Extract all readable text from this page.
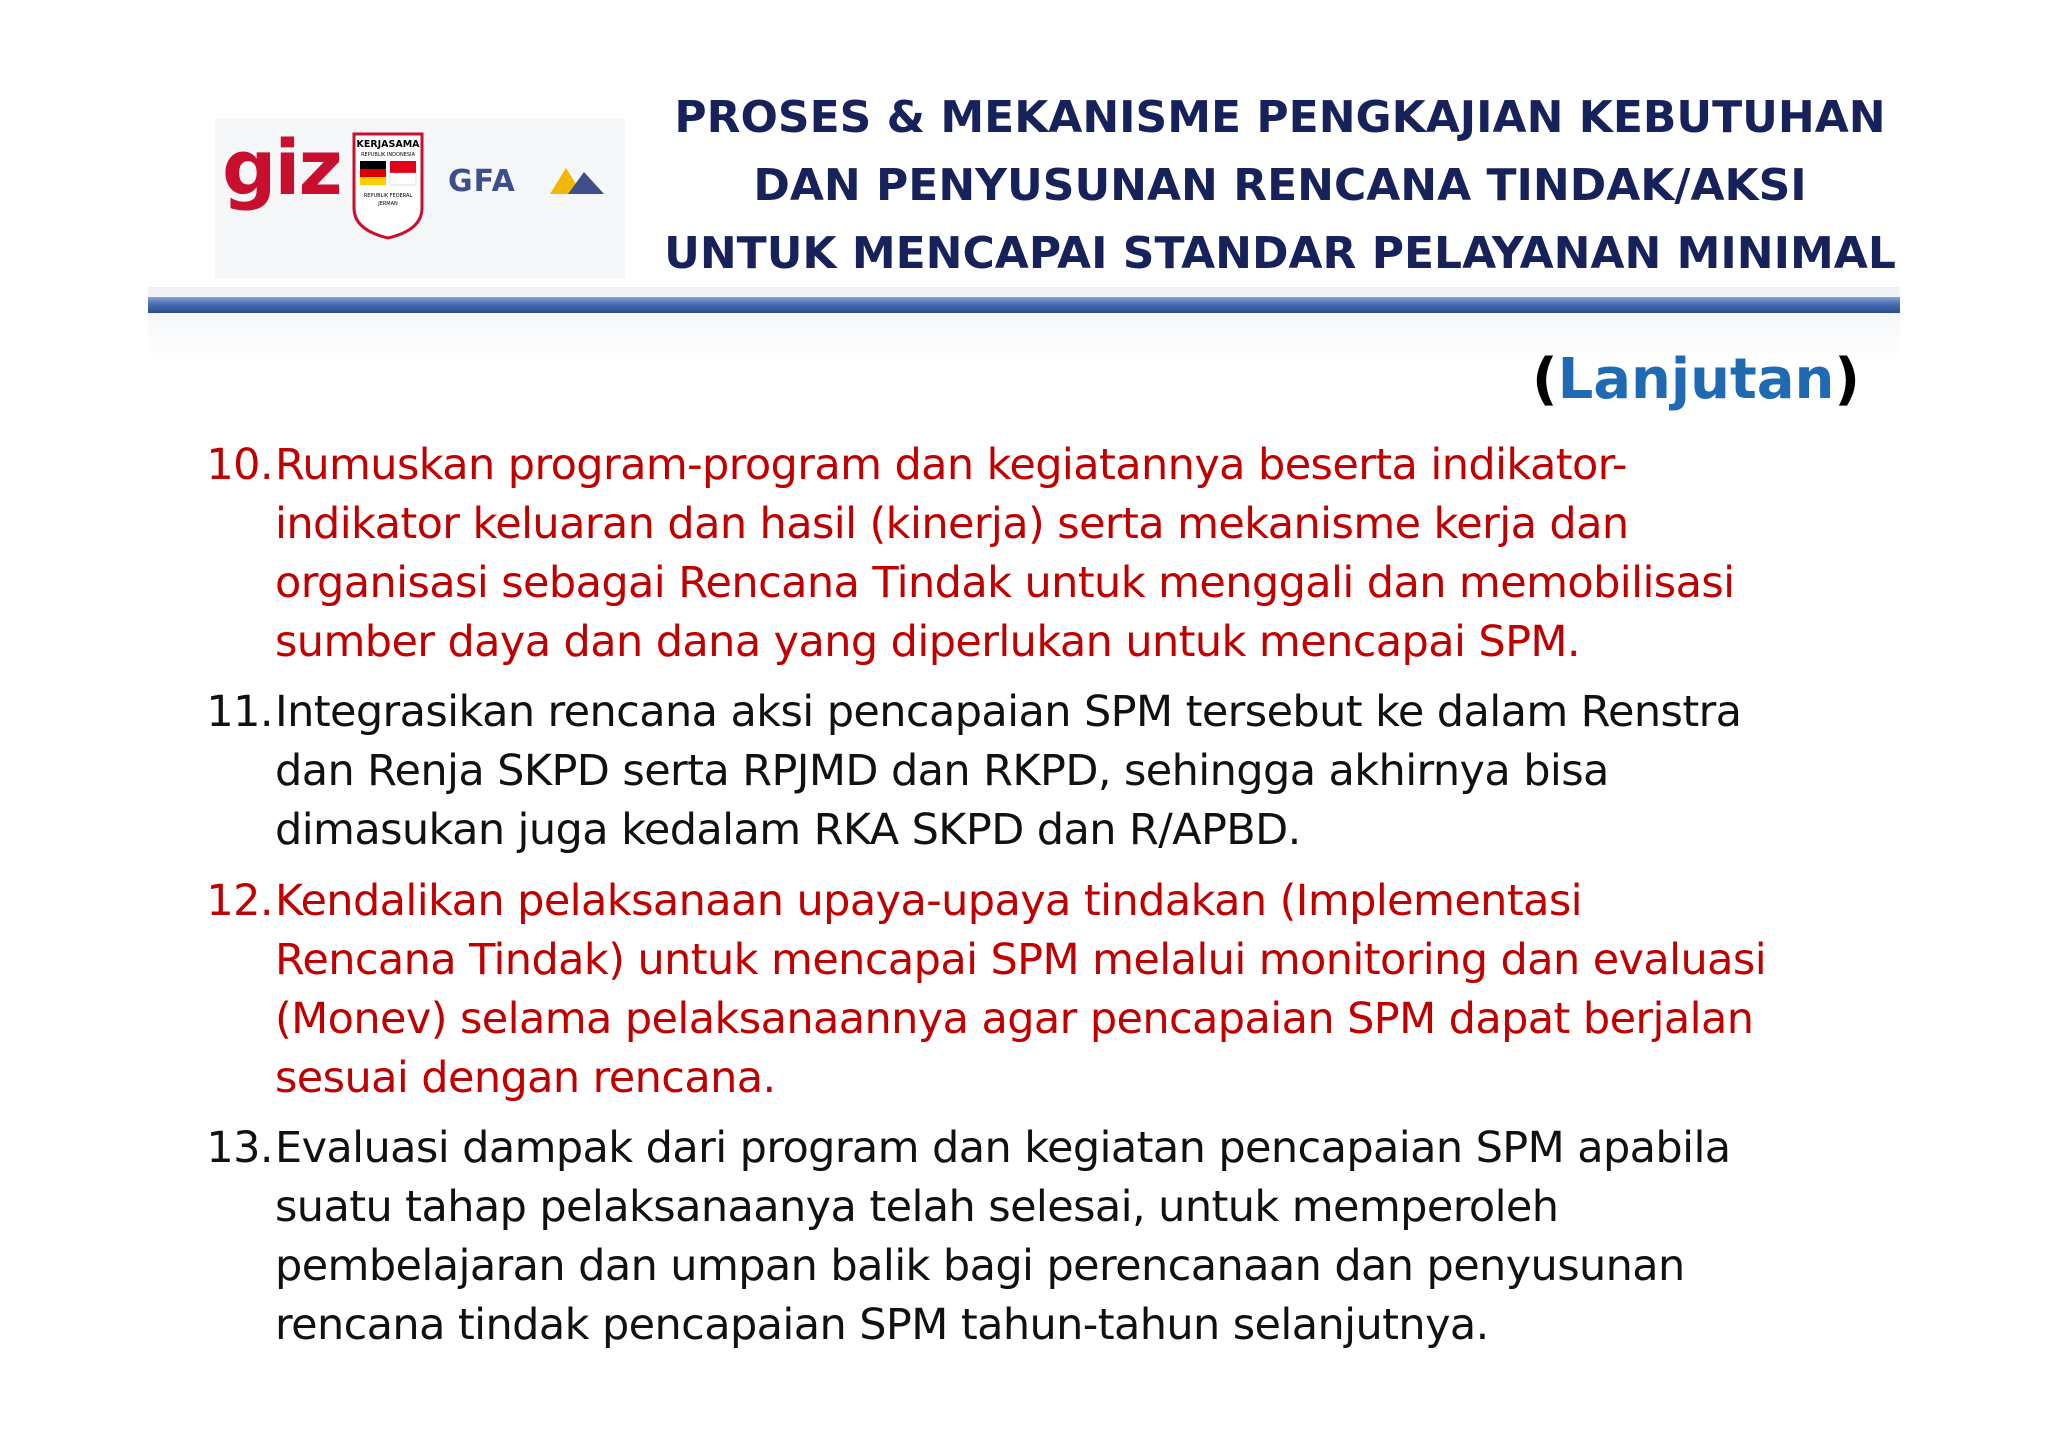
giz KERJASAMA
REPUBLIK INDONESIA
REPUBLIK FEDERAL
JERMAN
GFA
PROSES & MEKANISME PENGKAJIAN KEBUTUHAN
DAN PENYUSUNAN RENCANA TINDAK/AKSI
UNTUK MENCAPAI STANDAR PELAYANAN MINIMAL
(Lanjutan)
10. Rumuskan program-program dan kegiatannya beserta indikator-
indikator keluaran dan hasil (kinerja) serta mekanisme kerja dan
organisasi sebagai Rencana Tindak untuk menggali dan memobilisasi
sumber daya dan dana yang diperlukan untuk mencapai SPM.
11. Integrasikan rencana aksi pencapaian SPM tersebut ke dalam Renstra
dan Renja SKPD serta RPJMD dan RKPD, sehingga akhirnya bisa
dimasukan juga kedalam RKA SKPD dan R/APBD.
12. Kendalikan pelaksanaan upaya-upaya tindakan (Implementasi
Rencana Tindak) untuk mencapai SPM melalui monitoring dan evaluasi
(Monev) selama pelaksanaannya agar pencapaian SPM dapat berjalan
sesuai dengan rencana.
13. Evaluasi dampak dari program dan kegiatan pencapaian SPM apabila
suatu tahap pelaksanaanya telah selesai, untuk memperoleh
pembelajaran dan umpan balik bagi perencanaan dan penyusunan
rencana tindak pencapaian SPM tahun-tahun selanjutnya.
